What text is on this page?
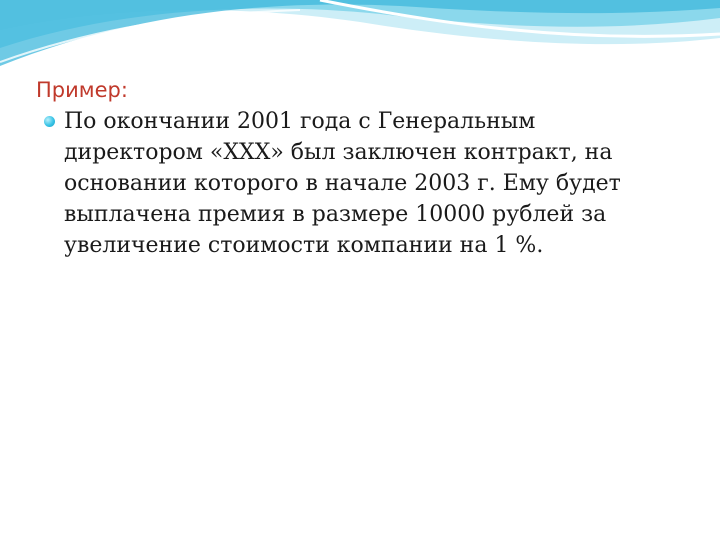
Пример:

По окончании 2001 года с Генеральным директором «ХХХ» был заключен контракт, на основании которого в начале 2003 г. Ему будет выплачена премия в размере 10000 рублей за увеличение стоимости компании на 1 %.
